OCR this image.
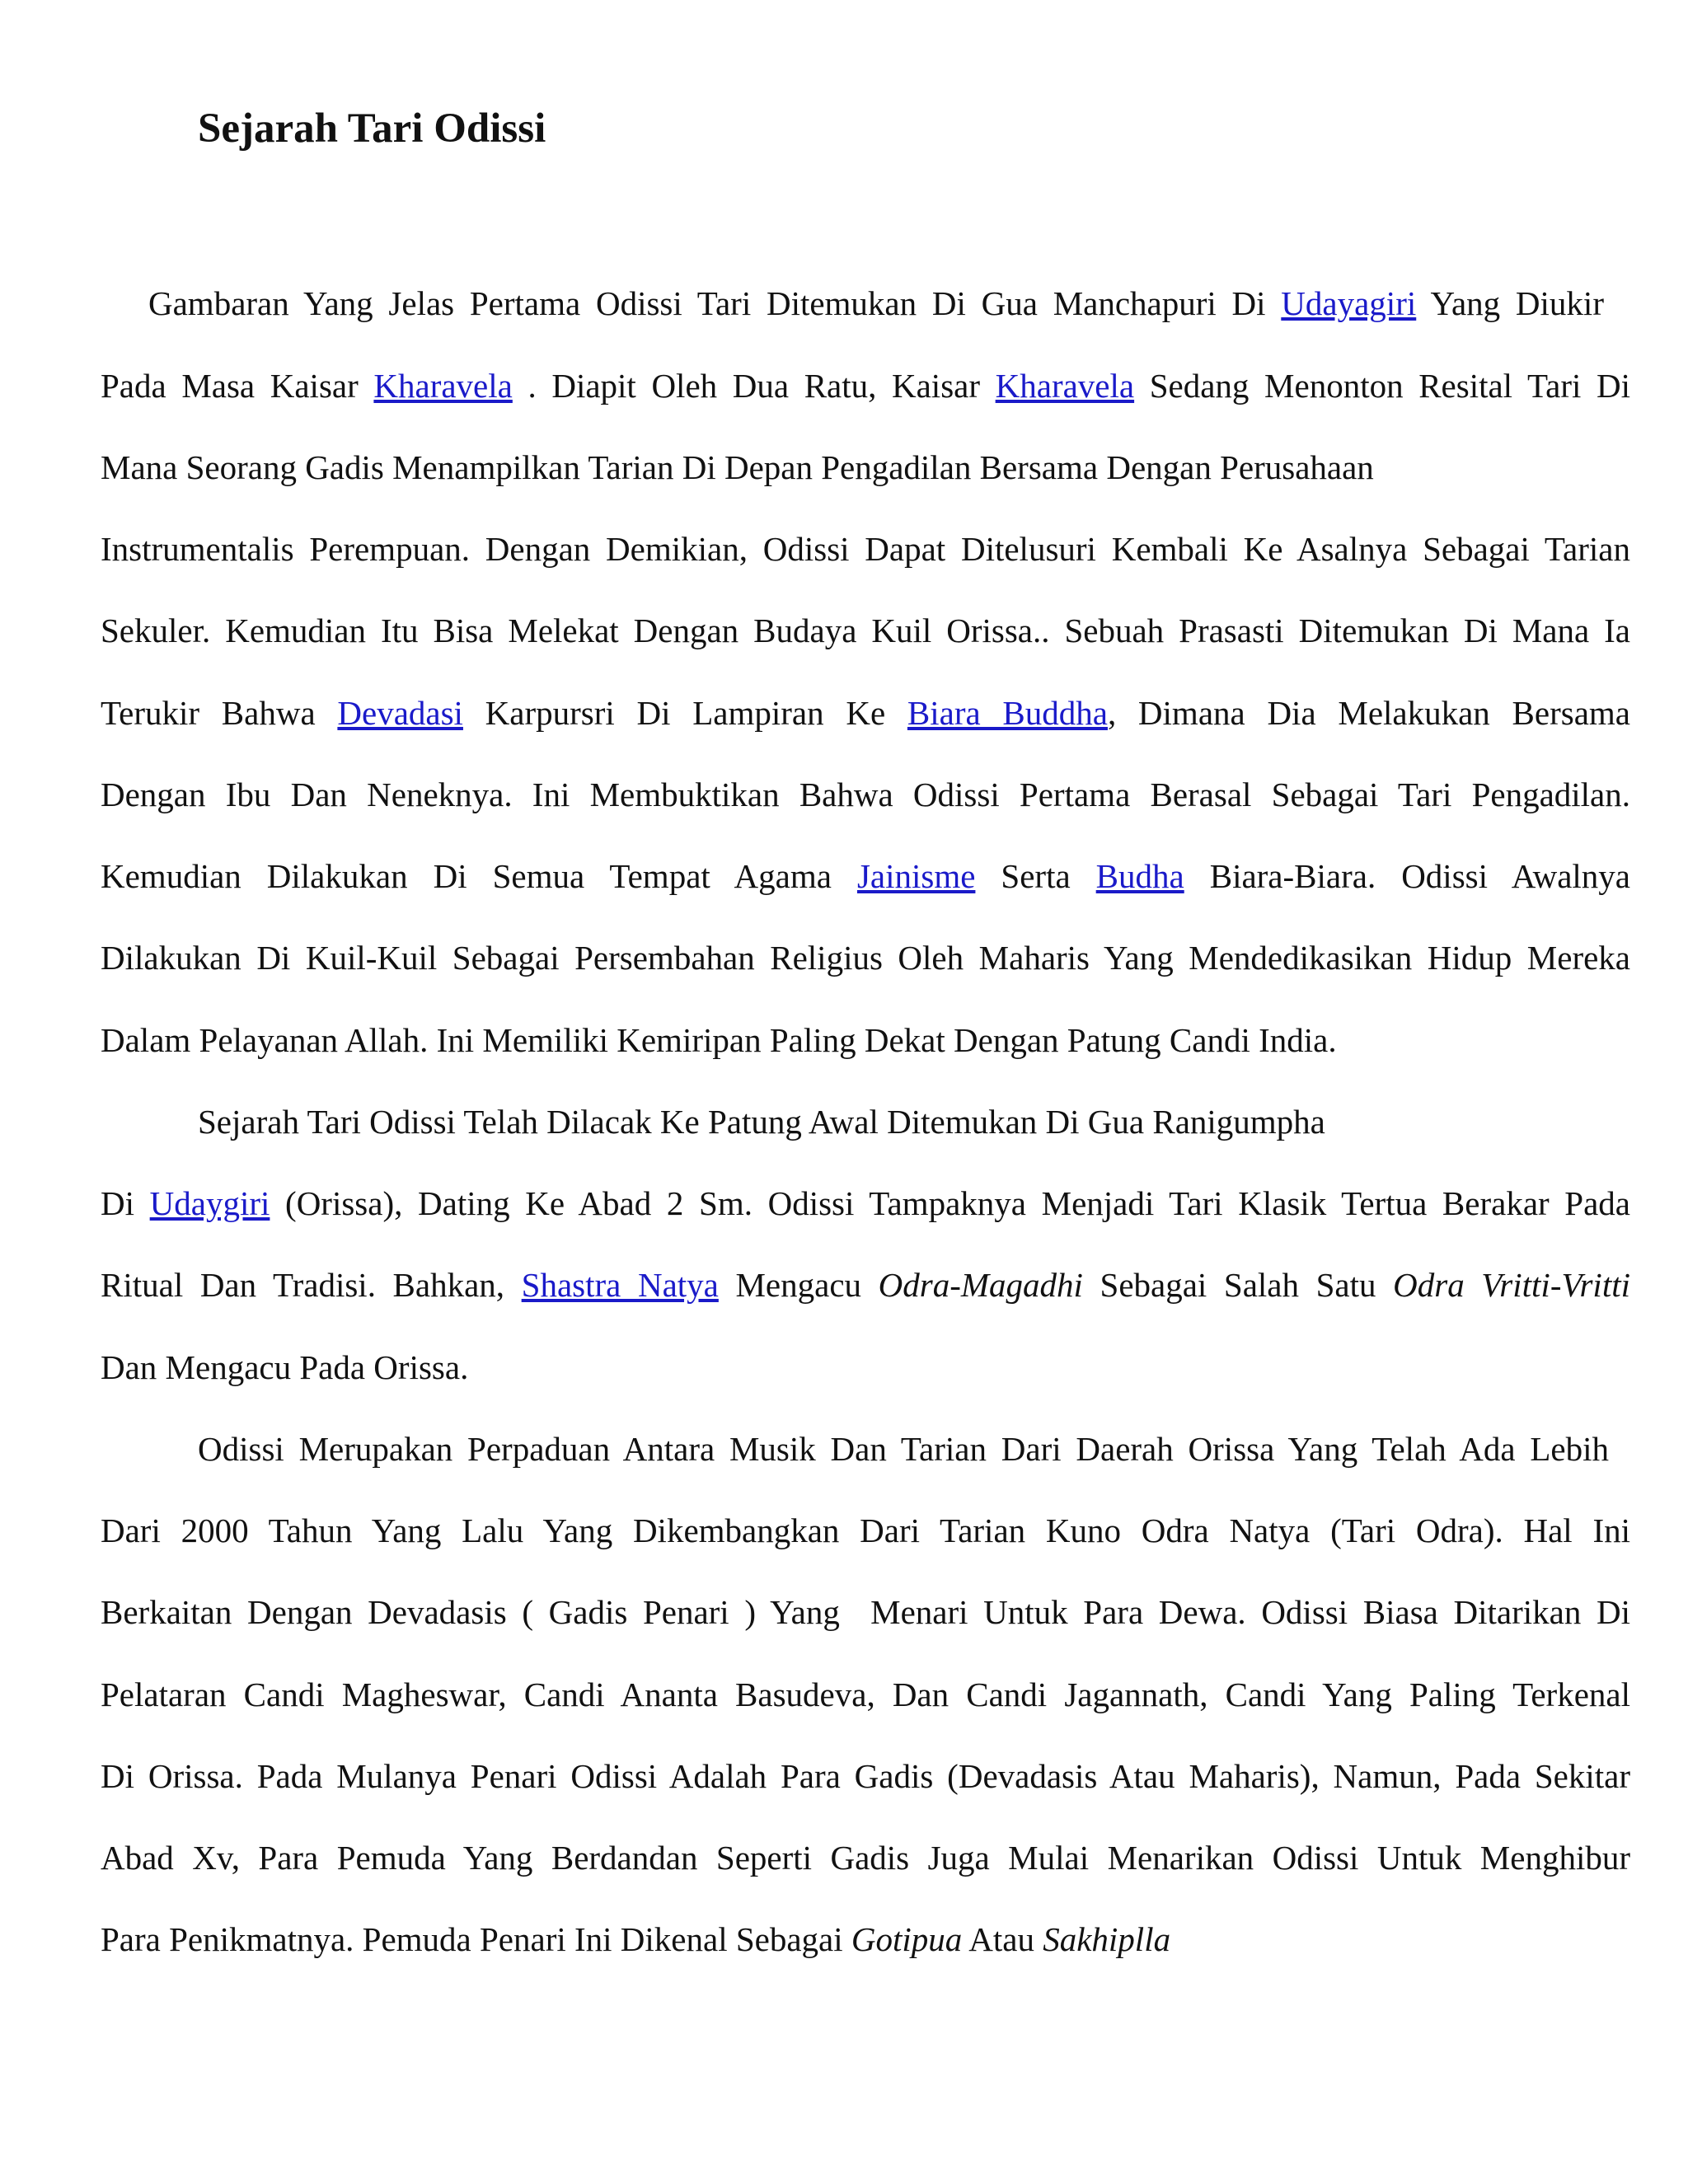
Sejarah Tari Odissi
Gambaran Yang Jelas Pertama Odissi Tari Ditemukan Di Gua Manchapuri Di Udayagiri Yang Diukir
Pada Masa Kaisar Kharavela . Diapit Oleh Dua Ratu, Kaisar Kharavela Sedang Menonton Resital Tari Di
Mana Seorang Gadis Menampilkan Tarian Di Depan Pengadilan Bersama Dengan Perusahaan
Instrumentalis Perempuan. Dengan Demikian, Odissi Dapat Ditelusuri Kembali Ke Asalnya Sebagai Tarian
Sekuler. Kemudian Itu Bisa Melekat Dengan Budaya Kuil Orissa.. Sebuah Prasasti Ditemukan Di Mana Ia
Terukir Bahwa Devadasi Karpursri Di Lampiran Ke Biara Buddha, Dimana Dia Melakukan Bersama
Dengan Ibu Dan Neneknya. Ini Membuktikan Bahwa Odissi Pertama Berasal Sebagai Tari Pengadilan.
Kemudian Dilakukan Di Semua Tempat Agama Jainisme Serta Budha Biara-Biara. Odissi Awalnya
Dilakukan Di Kuil-Kuil Sebagai Persembahan Religius Oleh Maharis Yang Mendedikasikan Hidup Mereka
Dalam Pelayanan Allah. Ini Memiliki Kemiripan Paling Dekat Dengan Patung Candi India.
Sejarah Tari Odissi Telah Dilacak Ke Patung Awal Ditemukan Di Gua Ranigumpha
Di Udaygiri (Orissa), Dating Ke Abad 2 Sm. Odissi Tampaknya Menjadi Tari Klasik Tertua Berakar Pada
Ritual Dan Tradisi. Bahkan, Shastra Natya Mengacu Odra-Magadhi Sebagai Salah Satu Odra Vritti-Vritti
Dan Mengacu Pada Orissa.
Odissi Merupakan Perpaduan Antara Musik Dan Tarian Dari Daerah Orissa Yang Telah Ada Lebih
Dari 2000 Tahun Yang Lalu Yang Dikembangkan Dari Tarian Kuno Odra Natya (Tari Odra). Hal Ini
Berkaitan Dengan Devadasis ( Gadis Penari ) Yang  Menari Untuk Para Dewa. Odissi Biasa Ditarikan Di
Pelataran Candi Magheswar, Candi Ananta Basudeva, Dan Candi Jagannath, Candi Yang Paling Terkenal
Di Orissa. Pada Mulanya Penari Odissi Adalah Para Gadis (Devadasis Atau Maharis), Namun, Pada Sekitar
Abad Xv, Para Pemuda Yang Berdandan Seperti Gadis Juga Mulai Menarikan Odissi Untuk Menghibur
Para Penikmatnya. Pemuda Penari Ini Dikenal Sebagai Gotipua Atau Sakhiplla
